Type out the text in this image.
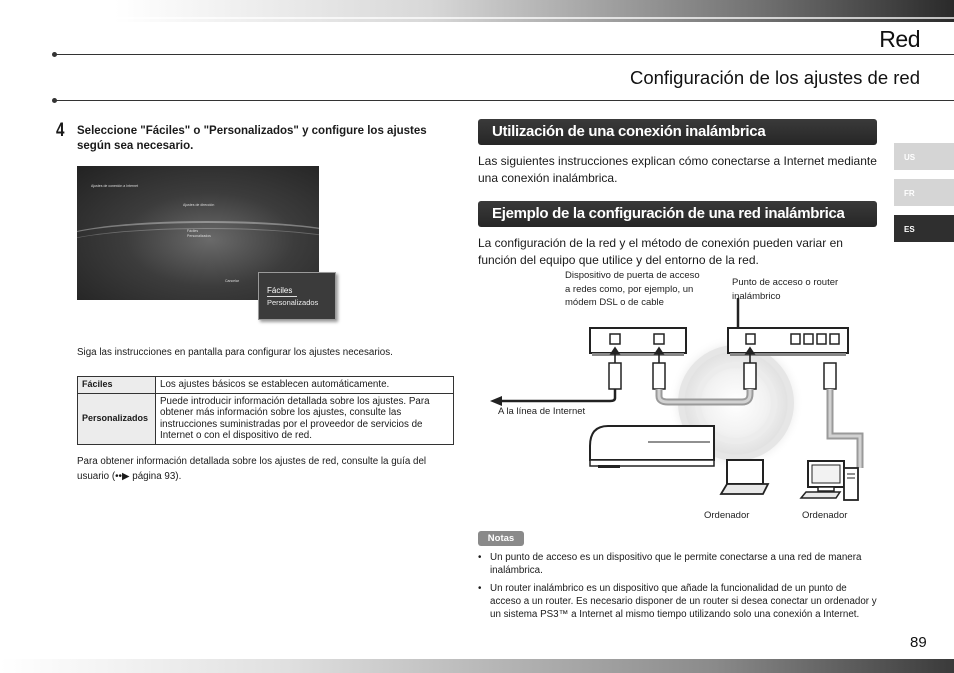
Red
Configuración de los ajustes de red
4 Seleccione "Fáciles" o "Personalizados" y configure los ajustes según sea necesario.
Ajustes de conexión a Internet
Ajustes de dirección
Fáciles
Personalizados
Cancelar
Fáciles
Personalizados
Siga las instrucciones en pantalla para configurar los ajustes necesarios.
Fáciles	Los ajustes básicos se establecen automáticamente.
Personalizados	Puede introducir información detallada sobre los ajustes. Para obtener más información sobre los ajustes, consulte las instrucciones suministradas por el proveedor de servicios de Internet o con el dispositivo de red.
Para obtener información detallada sobre los ajustes de red, consulte la guía del usuario (••▶ página 93).
Utilización de una conexión inalámbrica
Las siguientes instrucciones explican cómo conectarse a Internet mediante una conexión inalámbrica.
Ejemplo de la configuración de una red inalámbrica
La configuración de la red y el método de conexión pueden variar en función del equipo que utilice y del entorno de la red.
Dispositivo de puerta de acceso a redes como, por ejemplo, un módem DSL o de cable
Punto de acceso o router inalámbrico
A la línea de Internet
Ordenador	Ordenador
Notas
• Un punto de acceso es un dispositivo que le permite conectarse a una red de manera inalámbrica.
• Un router inalámbrico es un dispositivo que añade la funcionalidad de un punto de acceso a un router. Es necesario disponer de un router si desea conectar un ordenador y un sistema PS3™ a Internet al mismo tiempo utilizando solo una conexión a Internet.
US
FR
ES
89
